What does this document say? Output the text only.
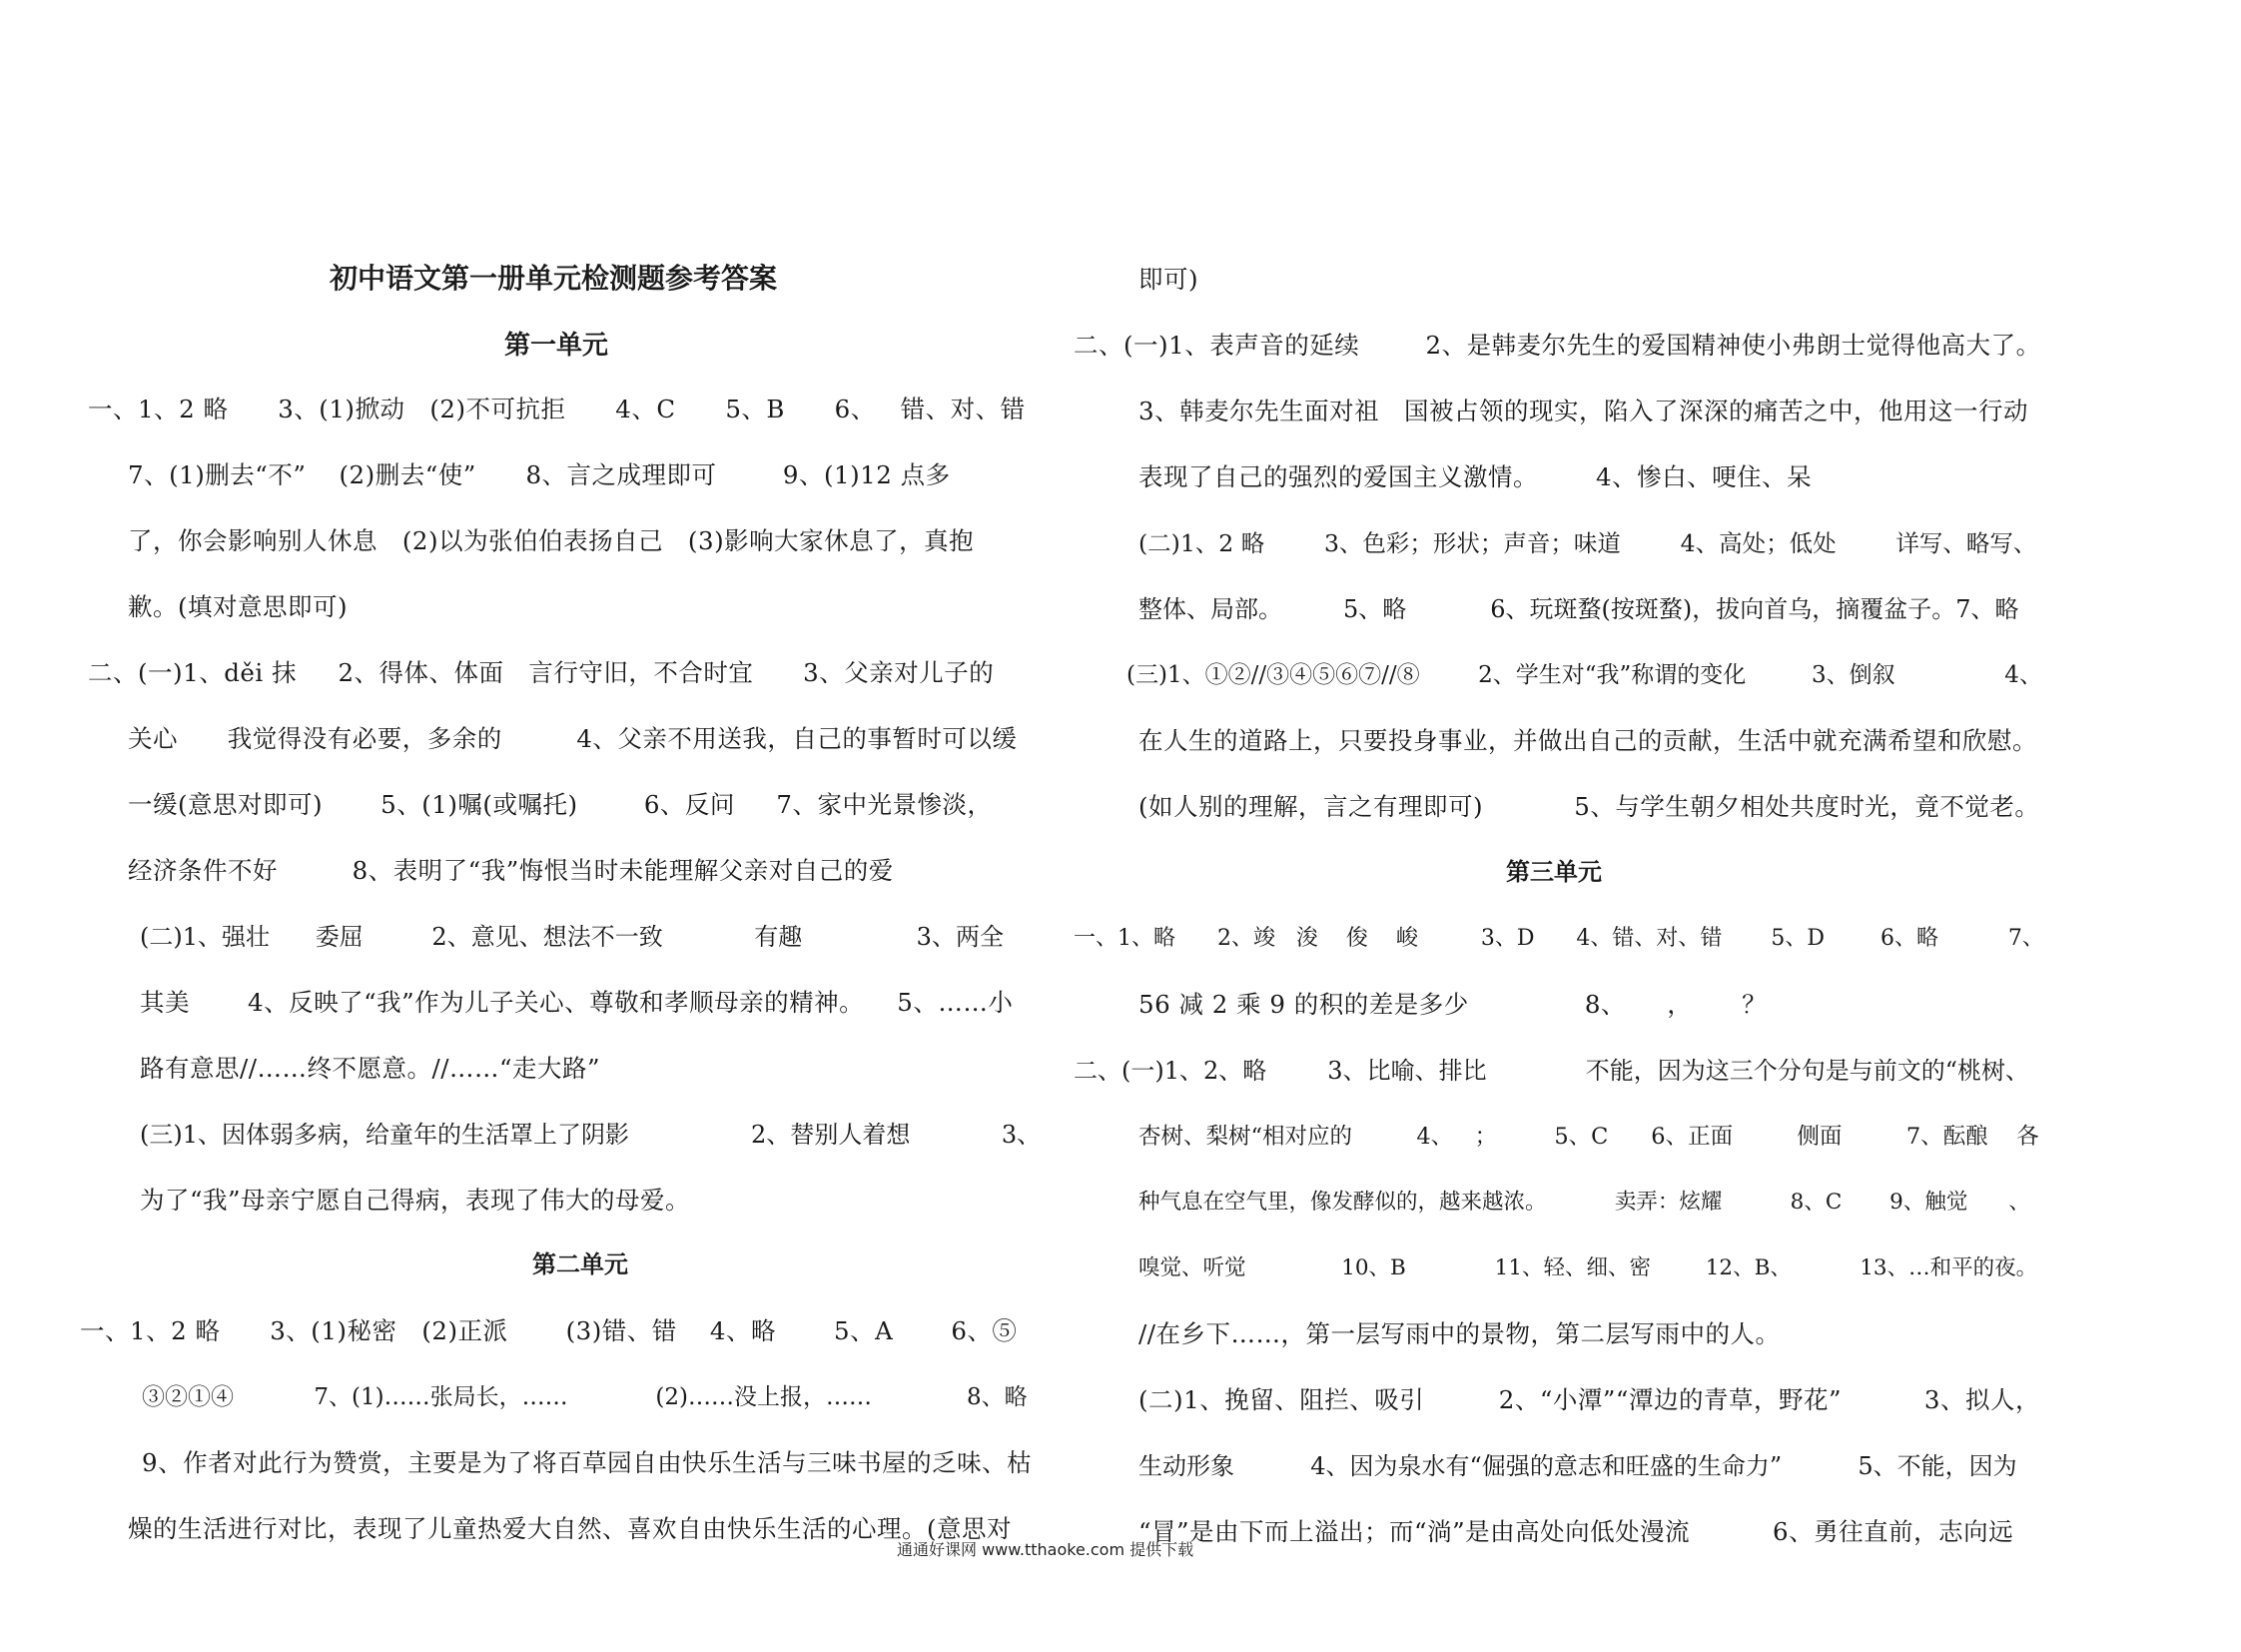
初中语文第一册单元检测题参考答案
第一单元
一、1、2 略      3、(1)掀动   (2)不可抗拒      4、C      5、B      6、   错、对、错
7、(1)删去“不”    (2)删去“使”      8、言之成理即可        9、(1)12 点多
了，你会影响别人休息   (2)以为张伯伯表扬自己   (3)影响大家休息了，真抱
歉。(填对意思即可)
二、(一)1、děi 抹     2、得体、体面   言行守旧，不合时宜      3、父亲对儿子的
关心      我觉得没有必要，多余的         4、父亲不用送我，自己的事暂时可以缓
一缓(意思对即可)       5、(1)嘱(或嘱托)        6、反问     7、家中光景惨淡，
经济条件不好         8、表明了“我”悔恨当时未能理解父亲对自己的爱
(二)1、强壮      委屈         2、意见、想法不一致            有趣               3、两全
其美       4、反映了“我”作为儿子关心、尊敬和孝顺母亲的精神。    5、……小
路有意思//……终不愿意。//……“走大路”
(三)1、因体弱多病，给童年的生活罩上了阴影                2、替别人着想            3、
为了“我”母亲宁愿自己得病，表现了伟大的母爱。
第二单元
一、1、2 略      3、(1)秘密   (2)正派       (3)错、错    4、略       5、A       6、⑤
③②①④           7、(1)……张局长，……            (2)……没上报，……             8、略
9、作者对此行为赞赏，主要是为了将百草园自由快乐生活与三味书屋的乏味、枯
燥的生活进行对比，表现了儿童热爱大自然、喜欢自由快乐生活的心理。(意思对
即可)
二、(一)1、表声音的延续        2、是韩麦尔先生的爱国精神使小弗朗士觉得他高大了。
3、韩麦尔先生面对祖   国被占领的现实，陷入了深深的痛苦之中，他用这一行动
表现了自己的强烈的爱国主义激情。       4、惨白、哽住、呆
(二)1、2 略        3、色彩；形状；声音；味道        4、高处；低处        详写、略写、
整体、局部。        5、略           6、玩斑蝥(按斑蝥)，拔向首乌，摘覆盆子。7、略
(三)1、①②//③④⑤⑥⑦//⑧        2、学生对“我”称谓的变化         3、倒叙               4、
在人生的道路上，只要投身事业，并做出自己的贡献，生活中就充满希望和欣慰。
(如人别的理解，言之有理即可)           5、与学生朝夕相处共度时光，竟不觉老。
第三单元
一、1、略      2、竣   浚    俊    峻         3、D      4、错、对、错       5、D        6、略          7、
56 减 2 乘 9 的积的差是多少              8、     ，      ？
二、(一)1、2、略        3、比喻、排比             不能，因为这三个分句是与前文的“桃树、
杏树、梨树“相对应的         4、   ；        5、C      6、正面         侧面         7、酝酿    各
种气息在空气里，像发酵似的，越来越浓。          卖弄：炫耀          8、C       9、触觉      、
嗅觉、听觉              10、B             11、轻、细、密        12、B、          13、…和平的夜。
//在乡下……，第一层写雨中的景物，第二层写雨中的人。
(二)1、挽留、阻拦、吸引         2、“小潭”“潭边的青草，野花”          3、拟人，
生动形象          4、因为泉水有“倔强的意志和旺盛的生命力”          5、不能，因为
“冒”是由下而上溢出；而“淌”是由高处向低处漫流          6、勇往直前，志向远
通通好课网 www.tthaoke.com 提供下载
